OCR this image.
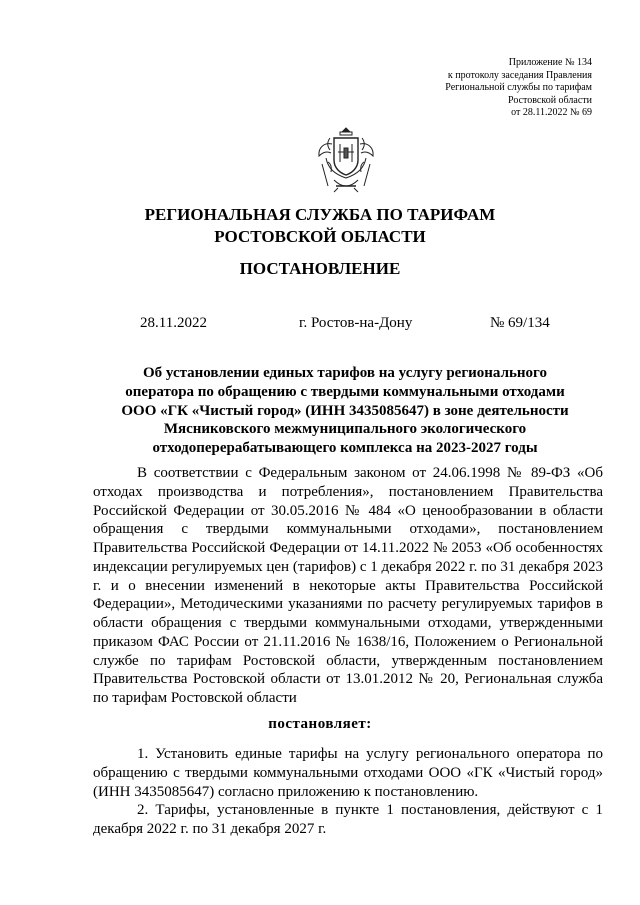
Приложение № 134
к протоколу заседания Правления
Региональной службы по тарифам
Ростовской области
от 28.11.2022 № 69
РЕГИОНАЛЬНАЯ СЛУЖБА ПО ТАРИФАМ
РОСТОВСКОЙ ОБЛАСТИ
ПОСТАНОВЛЕНИЕ
28.11.2022	г. Ростов-на-Дону	№ 69/134
Об установлении единых тарифов на услугу регионального
оператора по обращению с твердыми коммунальными отходами
ООО «ГК «Чистый город» (ИНН 3435085647) в зоне деятельности
Мясниковского межмуниципального экологического
отходоперерабатывающего комплекса на 2023-2027 годы
В соответствии с Федеральным законом от 24.06.1998 № 89-ФЗ «Об отходах производства и потребления», постановлением Правительства Российской Федерации от 30.05.2016 № 484 «О ценообразовании в области обращения с твердыми коммунальными отходами», постановлением Правительства Российской Федерации от 14.11.2022 № 2053 «Об особенностях индексации регулируемых цен (тарифов) с 1 декабря 2022 г. по 31 декабря 2023 г. и о внесении изменений в некоторые акты Правительства Российской Федерации», Методическими указаниями по расчету регулируемых тарифов в области обращения с твердыми коммунальными отходами, утвержденными приказом ФАС России от 21.11.2016 № 1638/16, Положением о Региональной службе по тарифам Ростовской области, утвержденным постановлением Правительства Ростовской области от 13.01.2012 № 20, Региональная служба по тарифам Ростовской области
постановляет:
1. Установить единые тарифы на услугу регионального оператора по обращению с твердыми коммунальными отходами ООО «ГК «Чистый город» (ИНН 3435085647) согласно приложению к постановлению.
2. Тарифы, установленные в пункте 1 постановления, действуют с 1 декабря 2022 г. по 31 декабря 2027 г.
